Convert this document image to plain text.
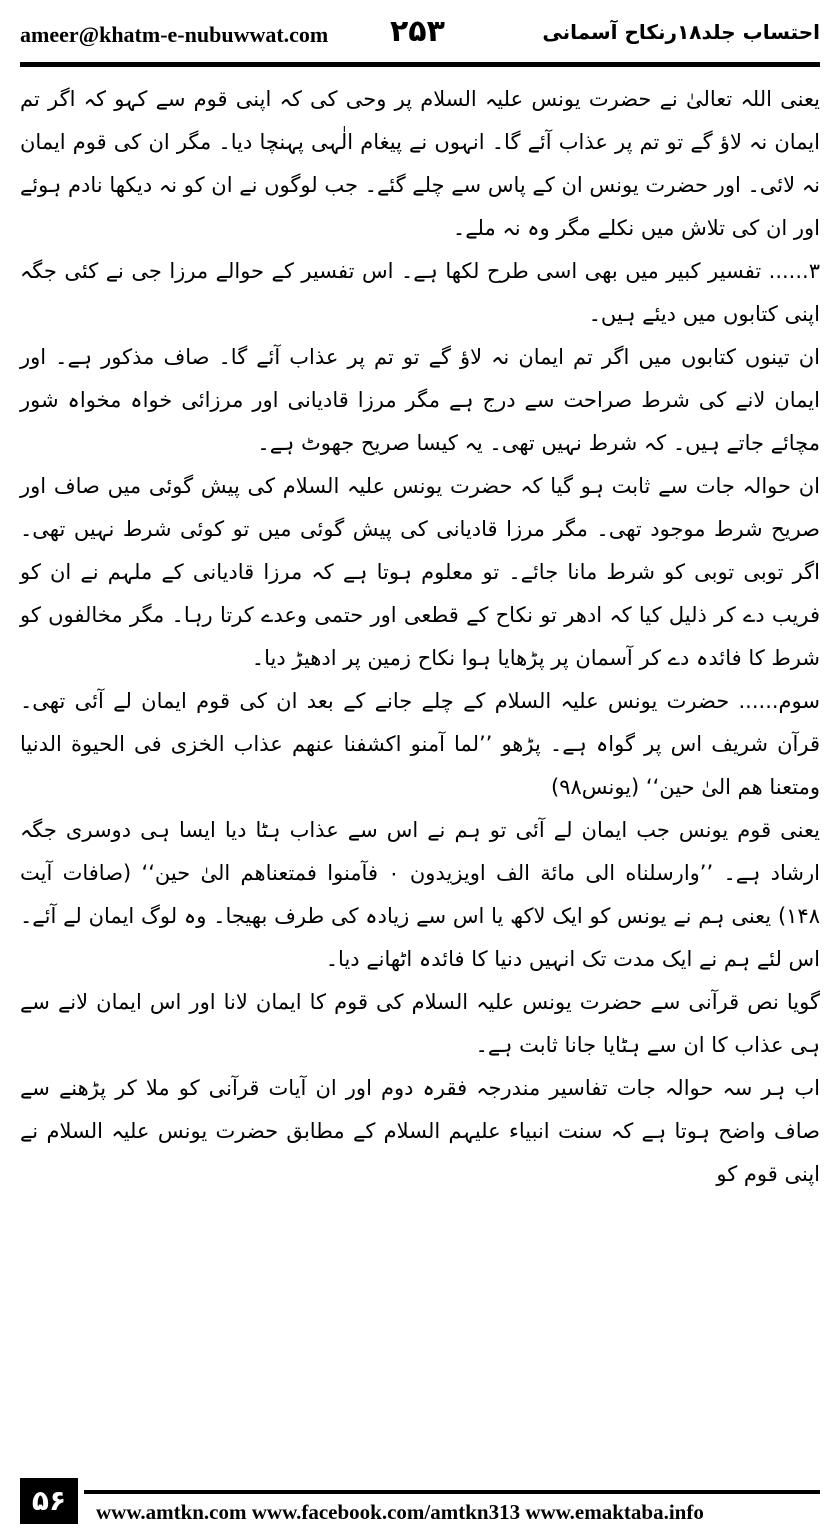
ameer@khatm-e-nubuwwat.com ۲۵۳	احتساب جلد۱۸رنکاح آسمانی

یعنی اللہ تعالیٰ نے حضرت یونس علیہ السلام پر وحی کی کہ اپنی قوم سے کہو کہ اگر تم ایمان نہ لاؤ گے تو تم پر عذاب آئے گا۔ انہوں نے پیغام الٰہی پہنچا دیا۔ مگر ان کی قوم ایمان نہ لائی۔ اور حضرت یونس ان کے پاس سے چلے گئے۔ جب لوگوں نے ان کو نہ دیکھا نادم ہوئے اور ان کی تلاش میں نکلے مگر وہ نہ ملے۔

۳...... تفسیر کبیر میں بھی اسی طرح لکھا ہے۔ اس تفسیر کے حوالے مرزا جی نے کئی جگہ اپنی کتابوں میں دیئے ہیں۔

ان تینوں کتابوں میں اگر تم ایمان نہ لاؤ گے تو تم پر عذاب آئے گا۔ صاف مذکور ہے۔ اور ایمان لانے کی شرط صراحت سے درج ہے مگر مرزا قادیانی اور مرزائی خواہ مخواہ شور مچائے جاتے ہیں۔ کہ شرط نہیں تھی۔ یہ کیسا صریح جھوٹ ہے۔

ان حوالہ جات سے ثابت ہو گیا کہ حضرت یونس علیہ السلام کی پیش گوئی میں صاف اور صریح شرط موجود تھی۔ مگر مرزا قادیانی کی پیش گوئی میں تو کوئی شرط نہیں تھی۔ اگر توبی توبی کو شرط مانا جائے۔ تو معلوم ہوتا ہے کہ مرزا قادیانی کے ملہم نے ان کو فریب دے کر ذلیل کیا کہ ادھر تو نکاح کے قطعی اور حتمی وعدے کرتا رہا۔ مگر مخالفوں کو شرط کا فائدہ دے کر آسمان پر پڑھایا ہوا نکاح زمین پر ادھیڑ دیا۔

سوم...... حضرت یونس علیہ السلام کے چلے جانے کے بعد ان کی قوم ایمان لے آئی تھی۔ قرآن شریف اس پر گواہ ہے۔ پڑھو ’’لما آمنو اکشفنا عنهم عذاب الخزی فی الحیوة الدنیا ومتعنا هم الیٰ حین‘‘ (یونس۹۸)

یعنی قوم یونس جب ایمان لے آئی تو ہم نے اس سے عذاب ہٹا دیا ایسا ہی دوسری جگہ ارشاد ہے۔ ’’وارسلناه الی مائة الف اویزیدون ۰ فآمنوا فمتعناهم الیٰ حین‘‘ (صافات آیت ۱۴۸) یعنی ہم نے یونس کو ایک لاکھ یا اس سے زیادہ کی طرف بھیجا۔ وہ لوگ ایمان لے آئے۔ اس لئے ہم نے ایک مدت تک انہیں دنیا کا فائدہ اٹھانے دیا۔

گویا نص قرآنی سے حضرت یونس علیہ السلام کی قوم کا ایمان لانا اور اس ایمان لانے سے ہی عذاب کا ان سے ہٹایا جانا ثابت ہے۔

اب ہر سہ حوالہ جات تفاسیر مندرجہ فقرہ دوم اور ان آیات قرآنی کو ملا کر پڑھنے سے صاف واضح ہوتا ہے کہ سنت انبیاء علیہم السلام کے مطابق حضرت یونس علیہ السلام نے اپنی قوم کو

۵۶	www.amtkn.com www.facebook.com/amtkn313 www.emaktaba.info
